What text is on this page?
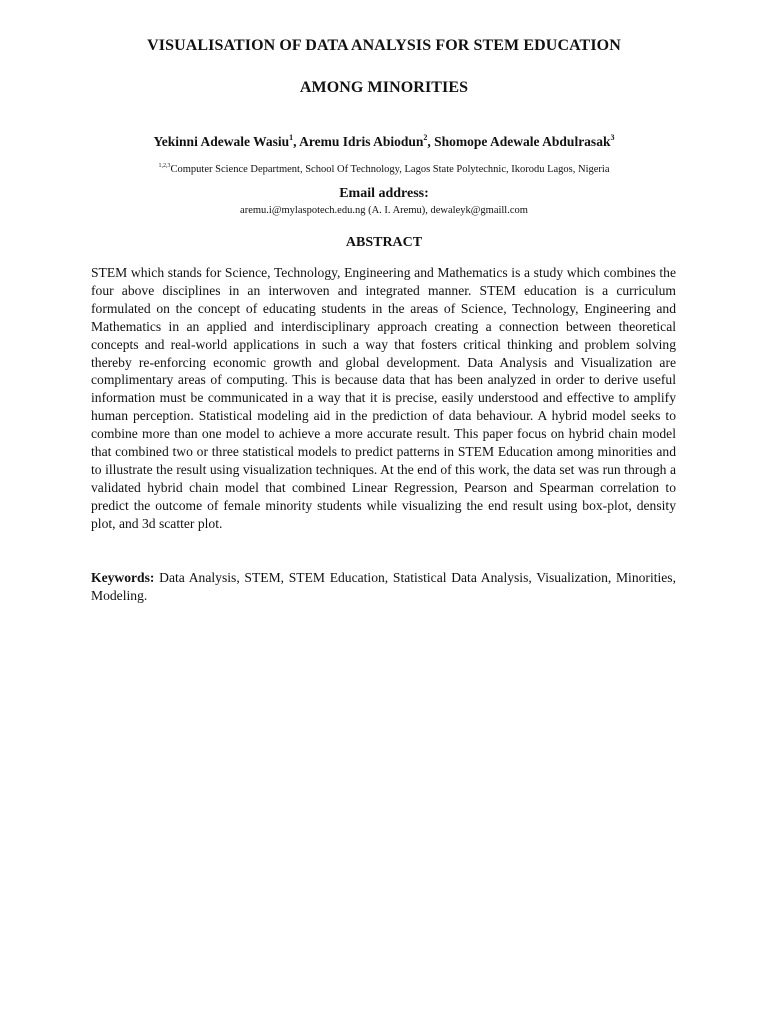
VISUALISATION OF DATA ANALYSIS FOR STEM EDUCATION
AMONG MINORITIES
Yekinni Adewale Wasiu$^1$, Aremu Idris Abiodun$^2$, Shomope Adewale Abdulrasak$^3$
$^{1,2,3}$Computer Science Department, School Of Technology, Lagos State Polytechnic, Ikorodu Lagos, Nigeria
Email address:
aremu.i@mylaspotech.edu.ng (A. I. Aremu), dewaleyk@gmaill.com
ABSTRACT

STEM which stands for Science, Technology, Engineering and Mathematics is a study which combines the four above disciplines in an interwoven and integrated manner. STEM education is a curriculum formulated on the concept of educating students in the areas of Science, Technology, Engineering and Mathematics in an applied and interdisciplinary approach creating a connection between theoretical concepts and real-world applications in such a way that fosters critical thinking and problem solving thereby re-enforcing economic growth and global development. Data Analysis and Visualization are complimentary areas of computing. This is because data that has been analyzed in order to derive useful information must be communicated in a way that it is precise, easily understood and effective to amplify human perception. Statistical modeling aid in the prediction of data behaviour. A hybrid model seeks to combine more than one model to achieve a more accurate result. This paper focus on hybrid chain model that combined two or three statistical models to predict patterns in STEM Education among minorities and to illustrate the result using visualization techniques. At the end of this work, the data set was run through a validated hybrid chain model that combined Linear Regression, Pearson and Spearman correlation to predict the outcome of female minority students while visualizing the end result using box-plot, density plot, and 3d scatter plot.

Keywords: Data Analysis, STEM, STEM Education, Statistical Data Analysis, Visualization, Minorities, Modeling.
